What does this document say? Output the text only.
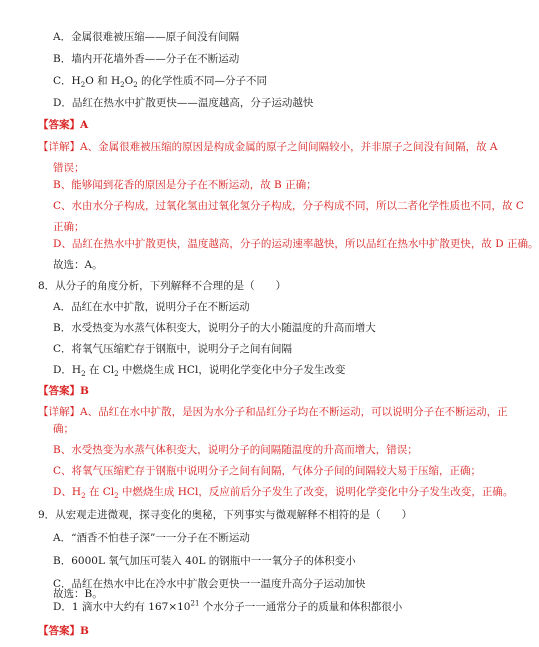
A．金属很难被压缩——原子间没有间隔
B．墙内开花墙外香——分子在不断运动
C．$H_2O$ 和 $H_2O_2$ 的化学性质不同—分子不同
D．品红在热水中扩散更快——温度越高，分子运动越快
【答案】A
【详解】A、金属很难被压缩的原因是构成金属的原子之间间隔较小，并非原子之间没有间隔，故 A
错误；
B、能够闻到花香的原因是分子在不断运动，故 B 正确；
C、水由水分子构成，过氧化氢由过氧化氢分子构成，分子构成不同，所以二者化学性质也不同，故 C
正确；
D、品红在热水中扩散更快，温度越高，分子的运动速率越快，所以品红在热水中扩散更快，故 D 正确。
故选：A。
8．从分子的角度分析，下列解释不合理的是（　　）
A．品红在水中扩散，说明分子在不断运动
B．水受热变为水蒸气体积变大，说明分子的大小随温度的升高而增大
C．将氧气压缩贮存于钢瓶中，说明分子之间有间隔
D．$H_2$ 在 $Cl_2$ 中燃烧生成 HCl，说明化学变化中分子发生改变
【答案】B
【详解】A、品红在水中扩散，是因为水分子和品红分子均在不断运动，可以说明分子在不断运动，正
确；
B、水受热变为水蒸气体积变大，说明分子的间隔随温度的升高而增大，错误；
C、将氧气压缩贮存于钢瓶中说明分子之间有间隔，气体分子间的间隔较大易于压缩，正确；
D、$H_2$ 在 $Cl_2$ 中燃烧生成 HCl，反应前后分子发生了改变，说明化学变化中分子发生改变，正确。
故选：B。
9．从宏观走进微观，探寻变化的奥秘，下列事实与微观解释不相符的是（　　）
A．“酒香不怕巷子深”一一分子在不断运动
B．6000L 氧气加压可装入 40L 的钢瓶中一一氧分子的体积变小
C．品红在热水中比在冷水中扩散会更快一一温度升高分子运动加快
D．1 滴水中大约有 $167\times 10^{21}$ 个水分子一一通常分子的质量和体积都很小
【答案】B
